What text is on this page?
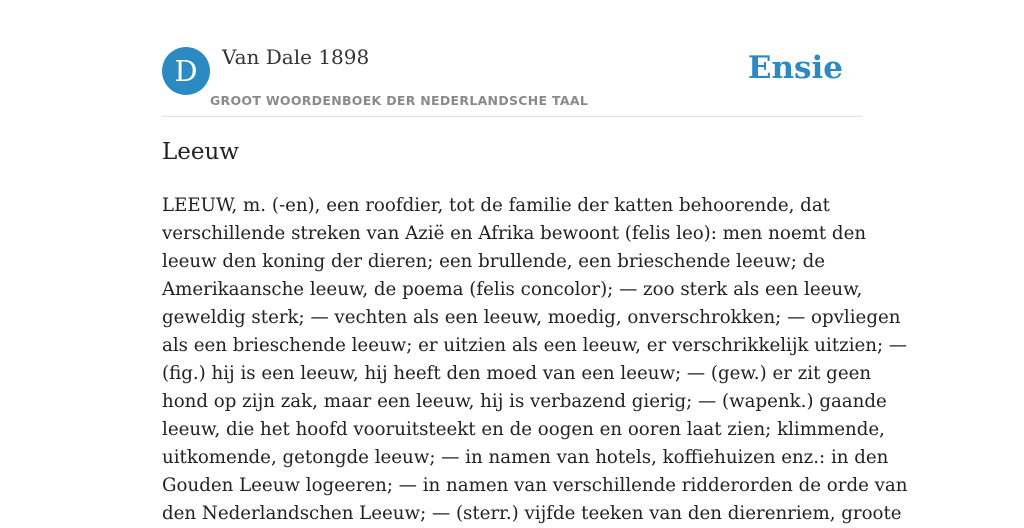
D	Van Dale 1898
GROOT WOORDENBOEK DER NEDERLANDSCHE TAAL
Ensie
Leeuw
LEEUW, m. (-en), een roofdier, tot de familie der katten behoorende, dat
verschillende streken van Azië en Afrika bewoont (felis leo): men noemt den
leeuw den koning der dieren; een brullende, een brieschende leeuw; de
Amerikaansche leeuw, de poema (felis concolor); — zoo sterk als een leeuw,
geweldig sterk; — vechten als een leeuw, moedig, onverschrokken; — opvliegen
als een brieschende leeuw; er uitzien als een leeuw, er verschrikkelijk uitzien; —
(fig.) hij is een leeuw, hij heeft den moed van een leeuw; — (gew.) er zit geen
hond op zijn zak, maar een leeuw, hij is verbazend gierig; — (wapenk.) gaande
leeuw, die het hoofd vooruitsteekt en de oogen en ooren laat zien; klimmende,
uitkomende, getongde leeuw; — in namen van hotels, koffiehuizen enz.: in den
Gouden Leeuw logeeren; — in namen van verschillende ridderorden de orde van
den Nederlandschen Leeuw; — (sterr.) vijfde teeken van den dierenriem, groote
